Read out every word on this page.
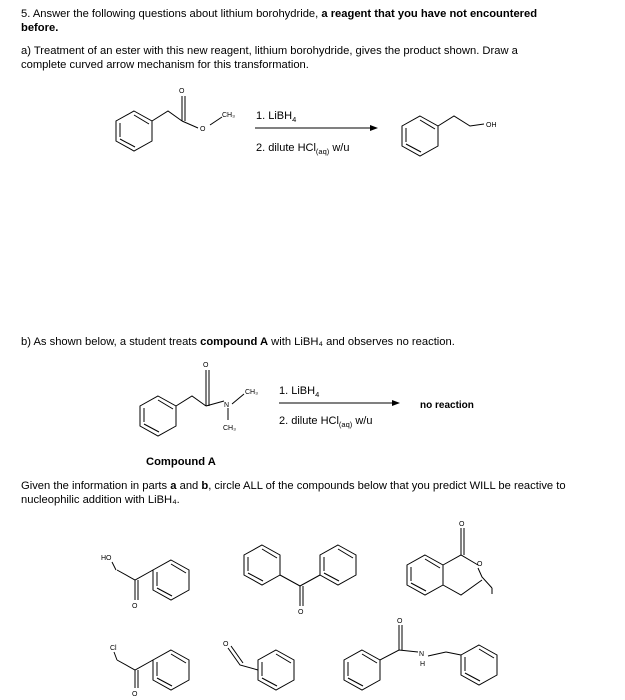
5. Answer the following questions about lithium borohydride, a reagent that you have not encountered
before.

a) Treatment of an ester with this new reagent, lithium borohydride, gives the product shown. Draw a
complete curved arrow mechanism for this transformation.

O
O
CH₃
OH
1. LiBH$_4$
2. dilute HCl$_{(aq)}$ w/u

b) As shown below, a student treats compound A with LiBH₄ and observes no reaction.

O
N
CH₃
CH₃
1. LiBH$_4$
2. dilute HCl$_{(aq)}$ w/u
no reaction

Compound A

Given the information in parts a and b, circle ALL of the compounds below that you predict WILL be reactive to
nucleophilic addition with LiBH₄.

HO
O
O
O
O
Cl
O
O
O
N
H
